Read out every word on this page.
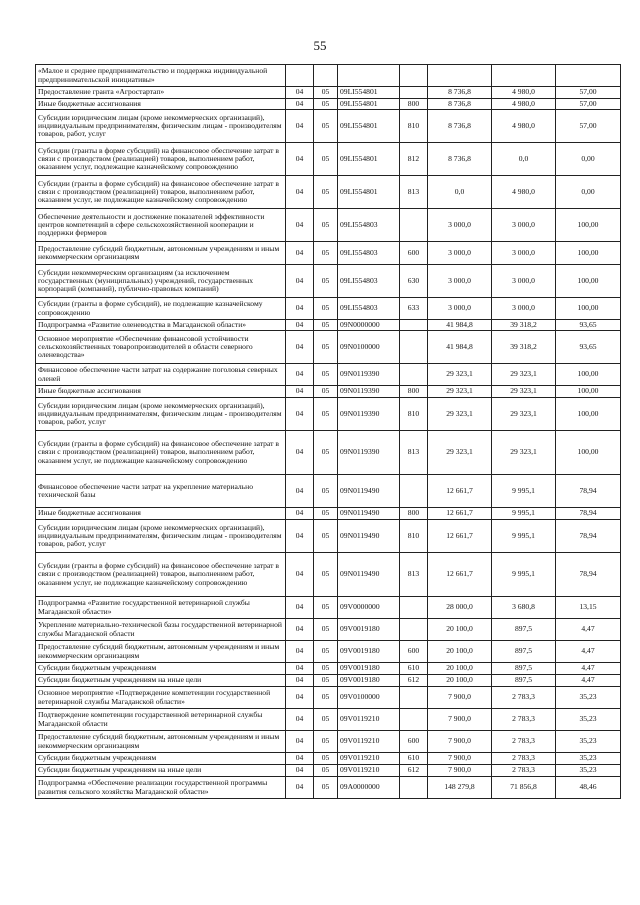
55
«Малое и среднее предпринимательство и поддержка индивидуальной предпринимательской инициативы»							
Предоставление гранта «Агростартап»	04	05	09LI554801		8 736,8	4 980,0	57,00
Иные бюджетные ассигнования	04	05	09LI554801	800	8 736,8	4 980,0	57,00
Субсидии юридическим лицам (кроме некоммерческих организаций), индивидуальным предпринимателям, физическим лицам - производителям товаров, работ, услуг	04	05	09LI554801	810	8 736,8	4 980,0	57,00
Субсидии (гранты в форме субсидий) на финансовое обеспечение затрат в связи с производством (реализацией) товаров, выполнением работ, оказанием услуг, подлежащие казначейскому сопровождению	04	05	09LI554801	812	8 736,8	0,0	0,00
Субсидии (гранты в форме субсидий) на финансовое обеспечение затрат в связи с производством (реализацией) товаров, выполнением работ, оказанием услуг, не подлежащие казначейскому сопровождению	04	05	09LI554801	813	0,0	4 980,0	0,00
Обеспечение деятельности и достижение показателей эффективности центров компетенций в сфере сельскохозяйственной кооперации и поддержки фермеров	04	05	09LI554803		3 000,0	3 000,0	100,00
Предоставление субсидий бюджетным, автономным учреждениям и иным некоммерческим организациям	04	05	09LI554803	600	3 000,0	3 000,0	100,00
Субсидии некоммерческим организациям (за исключением государственных (муниципальных) учреждений, государственных корпораций (компаний), публично-правовых компаний)	04	05	09LI554803	630	3 000,0	3 000,0	100,00
Субсидии (гранты в форме субсидий), не подлежащие казначейскому сопровождению	04	05	09LI554803	633	3 000,0	3 000,0	100,00
Подпрограмма «Развитие оленеводства в Магаданской области»	04	05	09N0000000		41 984,8	39 318,2	93,65
Основное мероприятие «Обеспечение финансовой устойчивости сельскохозяйственных товаропроизводителей в области северного оленеводства»	04	05	09N0100000		41 984,8	39 318,2	93,65
Финансовое обеспечение части затрат на содержание поголовья северных оленей	04	05	09N0119390		29 323,1	29 323,1	100,00
Иные бюджетные ассигнования	04	05	09N0119390	800	29 323,1	29 323,1	100,00
Субсидии юридическим лицам (кроме некоммерческих организаций), индивидуальным предпринимателям, физическим лицам - производителям товаров, работ, услуг	04	05	09N0119390	810	29 323,1	29 323,1	100,00
Субсидии (гранты в форме субсидий) на финансовое обеспечение затрат в связи с производством (реализацией) товаров, выполнением работ, оказанием услуг, не подлежащие казначейскому сопровождению	04	05	09N0119390	813	29 323,1	29 323,1	100,00
Финансовое обеспечение части затрат на укрепление материально технической базы	04	05	09N0119490		12 661,7	9 995,1	78,94
Иные бюджетные ассигнования	04	05	09N0119490	800	12 661,7	9 995,1	78,94
Субсидии юридическим лицам (кроме некоммерческих организаций), индивидуальным предпринимателям, физическим лицам - производителям товаров, работ, услуг	04	05	09N0119490	810	12 661,7	9 995,1	78,94
Субсидии (гранты в форме субсидий) на финансовое обеспечение затрат в связи с производством (реализацией) товаров, выполнением работ, оказанием услуг, не подлежащие казначейскому сопровождению	04	05	09N0119490	813	12 661,7	9 995,1	78,94
Подпрограмма «Развитие государственной ветеринарной службы Магаданской области»	04	05	09V0000000		28 000,0	3 680,8	13,15
Укрепление материально-технической базы государственной ветеринарной службы Магаданской области	04	05	09V0019180		20 100,0	897,5	4,47
Предоставление субсидий бюджетным, автономным учреждениям и иным некоммерческим организациям	04	05	09V0019180	600	20 100,0	897,5	4,47
Субсидии бюджетным учреждениям	04	05	09V0019180	610	20 100,0	897,5	4,47
Субсидии бюджетным учреждениям на иные цели	04	05	09V0019180	612	20 100,0	897,5	4,47
Основное мероприятие «Подтверждение компетенции государственной ветеринарной службы Магаданской области»	04	05	09V0100000		7 900,0	2 783,3	35,23
Подтверждение компетенции государственной ветеринарной службы Магаданской области	04	05	09V0119210		7 900,0	2 783,3	35,23
Предоставление субсидий бюджетным, автономным учреждениям и иным некоммерческим организациям	04	05	09V0119210	600	7 900,0	2 783,3	35,23
Субсидии бюджетным учреждениям	04	05	09V0119210	610	7 900,0	2 783,3	35,23
Субсидии бюджетным учреждениям на иные цели	04	05	09V0119210	612	7 900,0	2 783,3	35,23
Подпрограмма «Обеспечение реализации государственной программы развития сельского хозяйства Магаданской области»	04	05	09A0000000		148 279,8	71 856,8	48,46
